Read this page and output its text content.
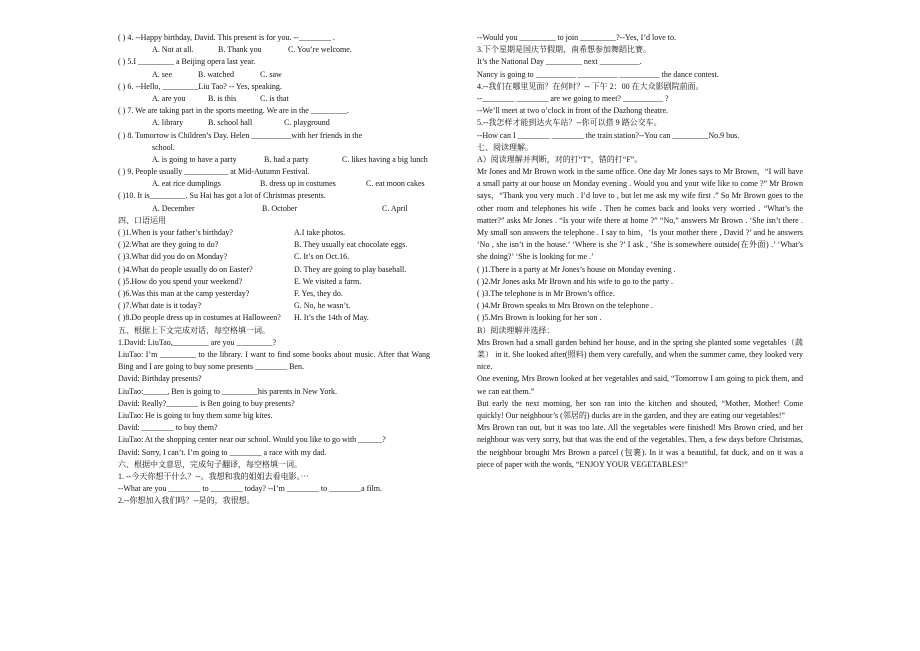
( ) 4. --Happy birthday, David. This present is for you. --________ .
A. Not at all.	B. Thank you	C. You’re welcome.
( ) 5.I _________ a Beijing opera last year.
A. see	B. watched	C. saw
( ) 6. --Hello, _________Liu Tao? -- Yes, speaking.
A. are you	B. is this	C. is that
( ) 7. We are taking part in the sports meeting. We are in the _________.
A. library	B. school hall	C. playground
( ) 8. Tomorrow is Children’s Day. Helen __________with her friends in the
school.
A. is going to have a party	B. had a party	C. likes having a big lunch
( ) 9. People usually ___________ at Mid-Autumn Festival.
A. eat rice dumplings	B. dress up in costumes	C. eat moon cakes
( )10. It is_________. Su Hai has got a lot of Christmas presents.
A. December	B. October	C. April
四、口语运用
( )1.When is your father’s birthday?	A.I take photos.
( )2.What are they going to do?	B. They usually eat chocolate eggs.
( )3.What did you do on Monday?	C. It’s on Oct.16.
( )4.What do people usually do on Easter?	D. They are going to play baseball.
( )5.How do you spend your weekend?	E. We visited a farm.
( )6.Was this man at the camp yesterday?	F. Yes, they do.
( )7.What date is it today?	G. No, he wasn’t.
( )8.Do people dress up in costumes at Halloween? H. It’s the 14th of May.
五、根据上下文完成对话，每空格填一词。
1.David: LiuTao,_________ are you _________?
LiuTao: I’m _________ to the library. I want to find some books about music. After that Wang Bing and I are going to buy some presents ________ Ben.
David: Birthday presents?
LiuTao:______, Ben is going to _________his parents in New York.
David: Really?________ is Ben going to buy presents?
LiuTao: He is going to buy them some big kites.
David: ________ to buy them?
LiuTao: At the shopping center near our school. Would you like to go with ______?
David: Sorry, I can’t. I’m going to ________ a race with my dad.
六、根据中文意思，完成句子翻译，每空格填一词。
1. --今天你想干什么？--。我想和我的姐姐去看电影。···
--What are you ________ to ________ today? --I’m ________ to ________a film.
2.--你想加入我们吗？--是的，我很想。
--Would you _________ to join _________?--Yes, I’d love to.
3.下个星期是国庆节假期，南希想参加舞蹈比赛。
It’s the National Day _________ next __________.
Nancy is going to __________ __________ __________ the dance contest.
4.--我们在哪里见面？在何时？-- 下午 2：00 在大众影剧院前面。
--________ ________ are we going to meet? __________ ?
--We’ll meet at two o’clock in front of the Dazhong theatre.
5.--我怎样才能到达火车站？--你可以搭 9 路公交车。
--How can I ________ ________ the train station?--You can _________No.9 bus.
七、阅读理解。
A）阅读理解并判断，对的打“T”，错的打“F”。
Mr Jones and Mr Brown work in the same office. One day Mr Jones says to Mr Brown，“I will have a small party at our house on Monday evening . Would you and your wife like to come ?” Mr Brown says，“Thank you very much . I’d love to , but let me ask my wife first .” So Mr Brown goes to the other room and telephones his wife . Then he comes back and looks very worried . “What’s the matter?” asks Mr Jones . “Is your wife there at home ?” “No,” answers Mr Brown . ‘She isn’t there . My small son answers the telephone . I say to him，‘Is your mother there , David ?’ and he answers ‘No , she isn’t in the house.’ ‘Where is she ?’ I ask , ‘She is somewhere outside(在外面) .’ ‘What’s she doing?’ ‘She is looking for me .’
( )1.There is a party at Mr Jones’s house on Monday evening .
( )2.Mr Jones asks Mr Brown and his wife to go to the party .
( )3.The telephone is in Mr Brown’s office.
( )4.Mr Brown speaks to Mrs Brown on the telephone .
( )5.Mrs Brown is looking for her son .
B）阅读理解并选择：
Mrs Brown had a small garden behind her house, and in the spring she planted some vegetables（蔬菜） in it. She looked after(照料) them very carefully, and when the summer came, they looked very nice.
One evening, Mrs Brown looked at her vegetables and said, “Tomorrow I am going to pick them, and we can eat them.”
But early the next morning, her son ran into the kitchen and shouted, “Mother, Mother! Come quickly! Our neighbour’s (邻居的) ducks are in the garden, and they are eating our vegetables!”
Mrs Brown ran out, but it was too late. All the vegetables were finished! Mrs Brown cried, and her neighbour was very sorry, but that was the end of the vegetables. Then, a few days before Christmas, the neighbour brought Mrs Brown a parcel (包裹). In it was a beautiful, fat duck, and on it was a piece of paper with the words, “ENJOY YOUR VEGETABLES!”
